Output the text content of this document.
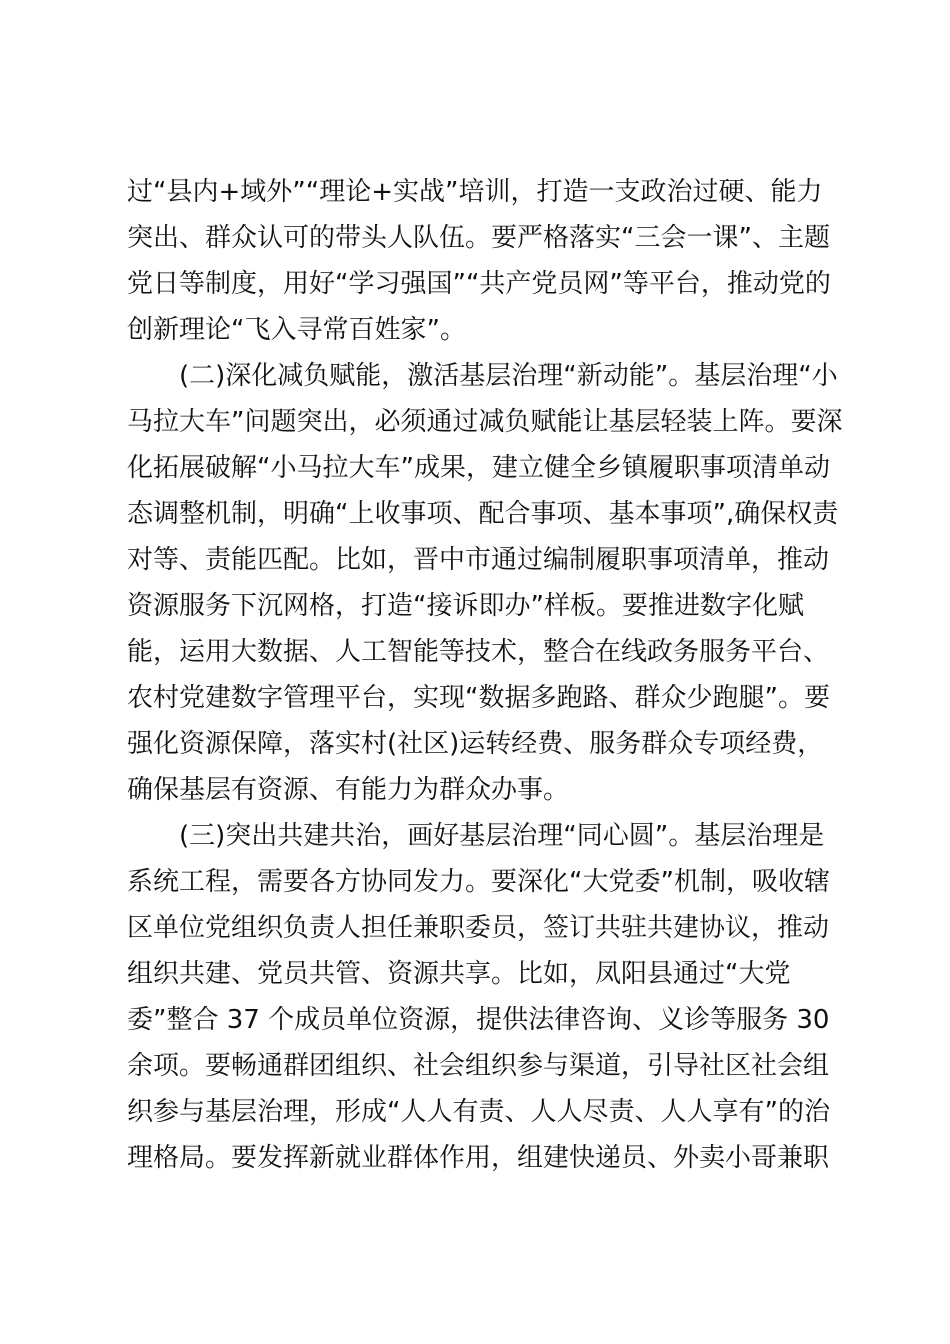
过“县内+域外”“理论+实战”培训，打造一支政治过硬、能力
突出、群众认可的带头人队伍。要严格落实“三会一课”、主题
党日等制度，用好“学习强国”“共产党员网”等平台，推动党的
创新理论“飞入寻常百姓家”。
(二)深化减负赋能，激活基层治理“新动能”。基层治理“小
马拉大车”问题突出，必须通过减负赋能让基层轻装上阵。要深
化拓展破解“小马拉大车”成果，建立健全乡镇履职事项清单动
态调整机制，明确“上收事项、配合事项、基本事项”,确保权责
对等、责能匹配。比如，晋中市通过编制履职事项清单，推动
资源服务下沉网格，打造“接诉即办”样板。要推进数字化赋
能，运用大数据、人工智能等技术，整合在线政务服务平台、
农村党建数字管理平台，实现“数据多跑路、群众少跑腿”。要
强化资源保障，落实村(社区)运转经费、服务群众专项经费，
确保基层有资源、有能力为群众办事。
(三)突出共建共治，画好基层治理“同心圆”。基层治理是
系统工程，需要各方协同发力。要深化“大党委”机制，吸收辖
区单位党组织负责人担任兼职委员，签订共驻共建协议，推动
组织共建、党员共管、资源共享。比如，凤阳县通过“大党
委”整合 37 个成员单位资源，提供法律咨询、义诊等服务 30
余项。要畅通群团组织、社会组织参与渠道，引导社区社会组
织参与基层治理，形成“人人有责、人人尽责、人人享有”的治
理格局。要发挥新就业群体作用，组建快递员、外卖小哥兼职
